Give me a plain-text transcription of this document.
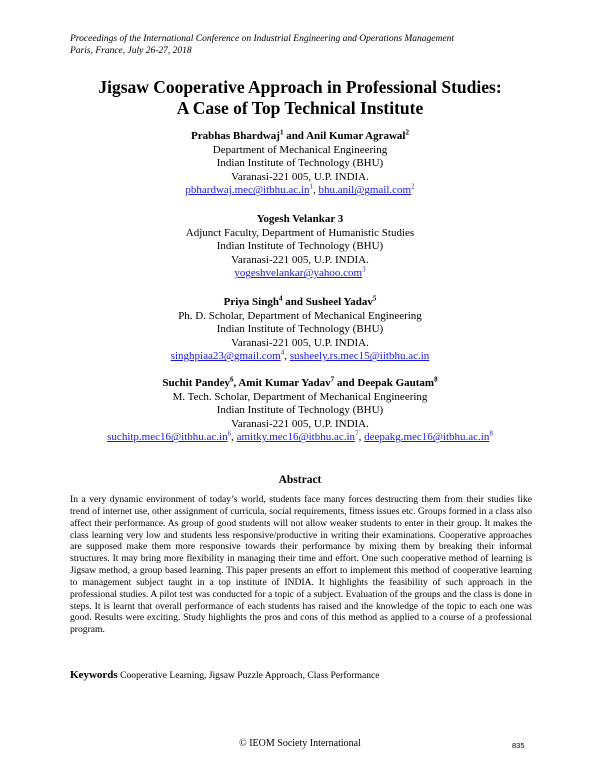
Proceedings of the International Conference on Industrial Engineering and Operations Management
Paris, France, July 26-27, 2018
Jigsaw Cooperative Approach in Professional Studies:
A Case of Top Technical Institute
Prabhas Bhardwaj$^1$ and Anil Kumar Agrawal$^2$
Department of Mechanical Engineering
Indian Institute of Technology (BHU)
Varanasi-221 005, U.P. INDIA.
$pbhardwaj.mec@itbhu.ac.in^1$, bhu.anil@gmail.com$^2$
Yogesh Velankar 3
Adjunct Faculty, Department of Humanistic Studies
Indian Institute of Technology (BHU)
Varanasi-221 005, U.P. INDIA.
yogeshvelankar@yahoo.com$^3$
Priya Singh$^4$ and Susheel Yadav$^5$
Ph. D. Scholar, Department of Mechanical Engineering
Indian Institute of Technology (BHU)
Varanasi-221 005, U.P. INDIA.
singhpiaa23@gmail.com$^4$, susheely.rs.mec15@iitbhu.ac.in
Suchit Pandey$^6$, Amit Kumar Yadav$^7$ and Deepak Gautam$^8$
M. Tech. Scholar, Department of Mechanical Engineering
Indian Institute of Technology (BHU)
Varanasi-221 005, U.P. INDIA.
$suchitp.mec16@itbhu.ac.in^6$, $amitky.mec16@itbhu.ac.in^7$, $deepakg.mec16@itbhu.ac.in^8$
Abstract
In a very dynamic environment of today’s world, students face many forces destructing them from their studies like trend of internet use, other assignment of curricula, social requirements, fitness issues etc. Groups formed in a class also affect their performance. As group of good students will not allow weaker students to enter in their group. It makes the class learning very low and students less responsive/productive in writing their examinations. Cooperative approaches are supposed make them more responsive towards their performance by mixing them by breaking their informal structures. It may bring more flexibility in managing their time and effort. One such cooperative method of learning is Jigsaw method, a group based learning. This paper presents an effort to implement this method of cooperative learning to management subject taught in a top institute of INDIA. It highlights the feasibility of such approach in the professional studies. A pilot test was conducted for a topic of a subject. Evaluation of the groups and the class is done in steps. It is learnt that overall performance of each students has raised and the knowledge of the topic to each one was good. Results were exciting. Study highlights the pros and cons of this method as applied to a course of a professional program.
Keywords Cooperative Learning, Jigsaw Puzzle Approach, Class Performance
© IEOM Society International	835
